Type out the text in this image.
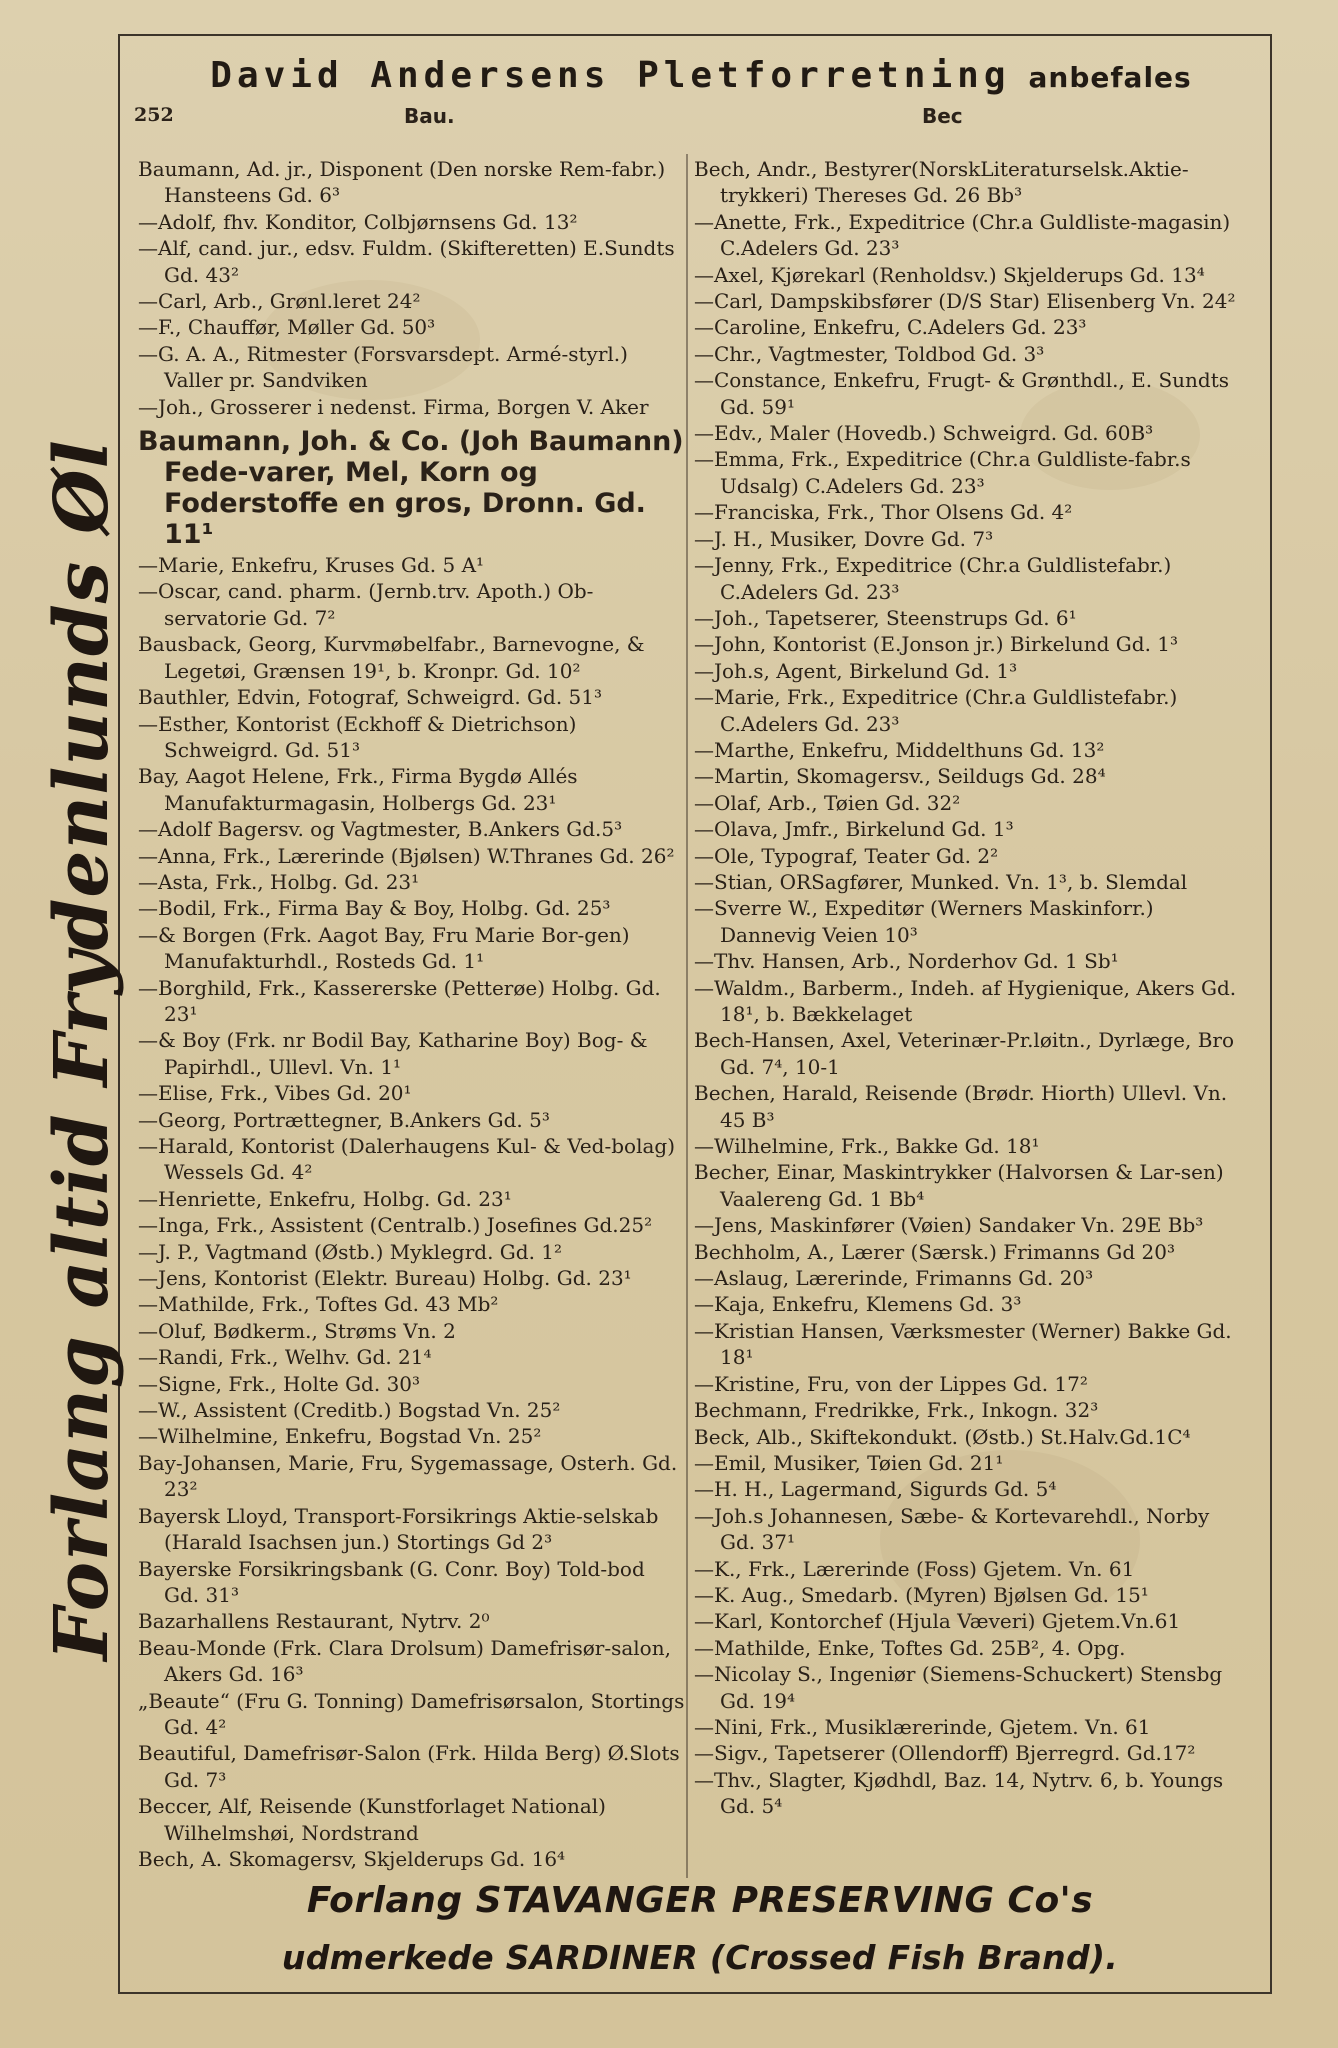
David Andersens Pletforretning anbefales
252	Bau.	Bec
Forlang altid Frydenlunds Øl

Baumann, Ad. jr., Disponent (Den norske Rem-fabr.) Hansteens Gd. 6³

—Adolf, fhv. Konditor, Colbjørnsens Gd. 13²

—Alf, cand. jur., edsv. Fuldm. (Skifteretten) E.Sundts Gd. 43²

—Carl, Arb., Grønl.leret 24²

—F., Chauffør, Møller Gd. 50³

—G. A. A., Ritmester (Forsvarsdept. Armé-styrl.) Valler pr. Sandviken

—Joh., Grosserer i nedenst. Firma, Borgen V. Aker

Baumann, Joh. & Co. (Joh Baumann) Fede-varer, Mel, Korn og Foderstoffe en gros, Dronn. Gd. 11¹

—Marie, Enkefru, Kruses Gd. 5 A¹

—Oscar, cand. pharm. (Jernb.trv. Apoth.) Ob-servatorie Gd. 7²

Bausback, Georg, Kurvmøbelfabr., Barnevogne, & Legetøi, Grænsen 19¹, b. Kronpr. Gd. 10²

Bauthler, Edvin, Fotograf, Schweigrd. Gd. 51³

—Esther, Kontorist (Eckhoff & Dietrichson) Schweigrd. Gd. 51³

Bay, Aagot Helene, Frk., Firma Bygdø Allés Manufakturmagasin, Holbergs Gd. 23¹

—Adolf Bagersv. og Vagtmester, B.Ankers Gd.5³

—Anna, Frk., Lærerinde (Bjølsen) W.Thranes Gd. 26²

—Asta, Frk., Holbg. Gd. 23¹

—Bodil, Frk., Firma Bay & Boy, Holbg. Gd. 25³

—& Borgen (Frk. Aagot Bay, Fru Marie Bor-gen) Manufakturhdl., Rosteds Gd. 1¹

—Borghild, Frk., Kassererske (Petterøe) Holbg. Gd. 23¹

—& Boy (Frk. nr Bodil Bay, Katharine Boy) Bog- & Papirhdl., Ullevl. Vn. 1¹

—Elise, Frk., Vibes Gd. 20¹

—Georg, Portrættegner, B.Ankers Gd. 5³

—Harald, Kontorist (Dalerhaugens Kul- & Ved-bolag) Wessels Gd. 4²

—Henriette, Enkefru, Holbg. Gd. 23¹

—Inga, Frk., Assistent (Centralb.) Josefines Gd.25²

—J. P., Vagtmand (Østb.) Myklegrd. Gd. 1²

—Jens, Kontorist (Elektr. Bureau) Holbg. Gd. 23¹

—Mathilde, Frk., Toftes Gd. 43 Mb²

—Oluf, Bødkerm., Strøms Vn. 2

—Randi, Frk., Welhv. Gd. 21⁴

—Signe, Frk., Holte Gd. 30³

—W., Assistent (Creditb.) Bogstad Vn. 25²

—Wilhelmine, Enkefru, Bogstad Vn. 25²

Bay-Johansen, Marie, Fru, Sygemassage, Osterh. Gd. 23²

Bayersk Lloyd, Transport-Forsikrings Aktie-selskab (Harald Isachsen jun.) Stortings Gd 2³

Bayerske Forsikringsbank (G. Conr. Boy) Told-bod Gd. 31³

Bazarhallens Restaurant, Nytrv. 2⁰

Beau-Monde (Frk. Clara Drolsum) Damefrisør-salon, Akers Gd. 16³

„Beaute“ (Fru G. Tonning) Damefrisørsalon, Stortings Gd. 4²

Beautiful, Damefrisør-Salon (Frk. Hilda Berg) Ø.Slots Gd. 7³

Beccer, Alf, Reisende (Kunstforlaget National) Wilhelmshøi, Nordstrand

Bech, A. Skomagersv, Skjelderups Gd. 16⁴

Bech, Andr., Bestyrer(NorskLiteraturselsk.Aktie-trykkeri) Thereses Gd. 26 Bb³

—Anette, Frk., Expeditrice (Chr.a Guldliste-magasin) C.Adelers Gd. 23³

—Axel, Kjørekarl (Renholdsv.) Skjelderups Gd. 13⁴

—Carl, Dampskibsfører (D/S Star) Elisenberg Vn. 24²

—Caroline, Enkefru, C.Adelers Gd. 23³

—Chr., Vagtmester, Toldbod Gd. 3³

—Constance, Enkefru, Frugt- & Grønthdl., E. Sundts Gd. 59¹

—Edv., Maler (Hovedb.) Schweigrd. Gd. 60B³

—Emma, Frk., Expeditrice (Chr.a Guldliste-fabr.s Udsalg) C.Adelers Gd. 23³

—Franciska, Frk., Thor Olsens Gd. 4²

—J. H., Musiker, Dovre Gd. 7³

—Jenny, Frk., Expeditrice (Chr.a Guldlistefabr.) C.Adelers Gd. 23³

—Joh., Tapetserer, Steenstrups Gd. 6¹

—John, Kontorist (E.Jonson jr.) Birkelund Gd. 1³

—Joh.s, Agent, Birkelund Gd. 1³

—Marie, Frk., Expeditrice (Chr.a Guldlistefabr.) C.Adelers Gd. 23³

—Marthe, Enkefru, Middelthuns Gd. 13²

—Martin, Skomagersv., Seildugs Gd. 28⁴

—Olaf, Arb., Tøien Gd. 32²

—Olava, Jmfr., Birkelund Gd. 1³

—Ole, Typograf, Teater Gd. 2²

—Stian, ORSagfører, Munked. Vn. 1³, b. Slemdal

—Sverre W., Expeditør (Werners Maskinforr.) Dannevig Veien 10³

—Thv. Hansen, Arb., Norderhov Gd. 1 Sb¹

—Waldm., Barberm., Indeh. af Hygienique, Akers Gd. 18¹, b. Bækkelaget

Bech-Hansen, Axel, Veterinær-Pr.løitn., Dyrlæge, Bro Gd. 7⁴, 10-1

Bechen, Harald, Reisende (Brødr. Hiorth) Ullevl. Vn. 45 B³

—Wilhelmine, Frk., Bakke Gd. 18¹

Becher, Einar, Maskintrykker (Halvorsen & Lar-sen) Vaalereng Gd. 1 Bb⁴

—Jens, Maskinfører (Vøien) Sandaker Vn. 29E Bb³

Bechholm, A., Lærer (Særsk.) Frimanns Gd 20³

—Aslaug, Lærerinde, Frimanns Gd. 20³

—Kaja, Enkefru, Klemens Gd. 3³

—Kristian Hansen, Værksmester (Werner) Bakke Gd. 18¹

—Kristine, Fru, von der Lippes Gd. 17²

Bechmann, Fredrikke, Frk., Inkogn. 32³

Beck, Alb., Skiftekondukt. (Østb.) St.Halv.Gd.1C⁴

—Emil, Musiker, Tøien Gd. 21¹

—H. H., Lagermand, Sigurds Gd. 5⁴

—Joh.s Johannesen, Sæbe- & Kortevarehdl., Norby Gd. 37¹

—K., Frk., Lærerinde (Foss) Gjetem. Vn. 61

—K. Aug., Smedarb. (Myren) Bjølsen Gd. 15¹

—Karl, Kontorchef (Hjula Væveri) Gjetem.Vn.61

—Mathilde, Enke, Toftes Gd. 25B², 4. Opg.

—Nicolay S., Ingeniør (Siemens-Schuckert) Stensbg Gd. 19⁴

—Nini, Frk., Musiklærerinde, Gjetem. Vn. 61

—Sigv., Tapetserer (Ollendorff) Bjerregrd. Gd.17²

—Thv., Slagter, Kjødhdl, Baz. 14, Nytrv. 6, b. Youngs Gd. 5⁴

Forlang STAVANGER PRESERVING Co's
udmerkede SARDINER (Crossed Fish Brand).
